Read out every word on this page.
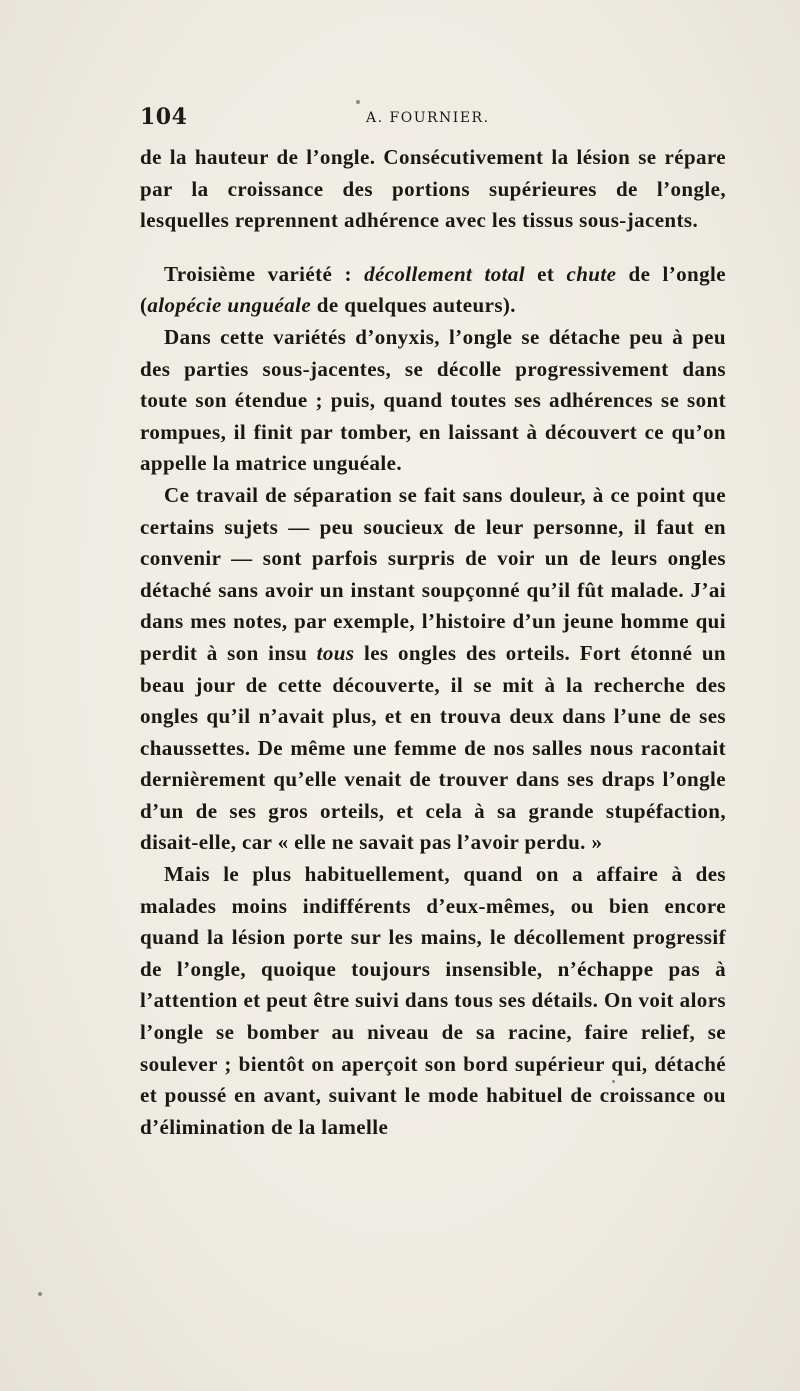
104	A. FOURNIER.

de la hauteur de l’ongle. Consécutivement la lésion se répare par la croissance des portions supérieures de l’ongle, lesquelles reprennent adhérence avec les tissus sous-jacents.

Troisième variété : décollement total et chute de l’ongle (alopécie unguéale de quelques auteurs).

Dans cette variétés d’onyxis, l’ongle se détache peu à peu des parties sous-jacentes, se décolle progressivement dans toute son étendue ; puis, quand toutes ses adhérences se sont rompues, il finit par tomber, en laissant à découvert ce qu’on appelle la matrice unguéale.

Ce travail de séparation se fait sans douleur, à ce point que certains sujets — peu soucieux de leur personne, il faut en convenir — sont parfois surpris de voir un de leurs ongles détaché sans avoir un instant soupçonné qu’il fût malade. J’ai dans mes notes, par exemple, l’histoire d’un jeune homme qui perdit à son insu tous les ongles des orteils. Fort étonné un beau jour de cette découverte, il se mit à la recherche des ongles qu’il n’avait plus, et en trouva deux dans l’une de ses chaussettes. De même une femme de nos salles nous racontait dernièrement qu’elle venait de trouver dans ses draps l’ongle d’un de ses gros orteils, et cela à sa grande stupéfaction, disait-elle, car « elle ne savait pas l’avoir perdu. »

Mais le plus habituellement, quand on a affaire à des malades moins indifférents d’eux-mêmes, ou bien encore quand la lésion porte sur les mains, le décollement progressif de l’ongle, quoique toujours insensible, n’échappe pas à l’attention et peut être suivi dans tous ses détails. On voit alors l’ongle se bomber au niveau de sa racine, faire relief, se soulever ; bientôt on aperçoit son bord supérieur qui, détaché et poussé en avant, suivant le mode habituel de croissance ou d’élimination de la lamelle
